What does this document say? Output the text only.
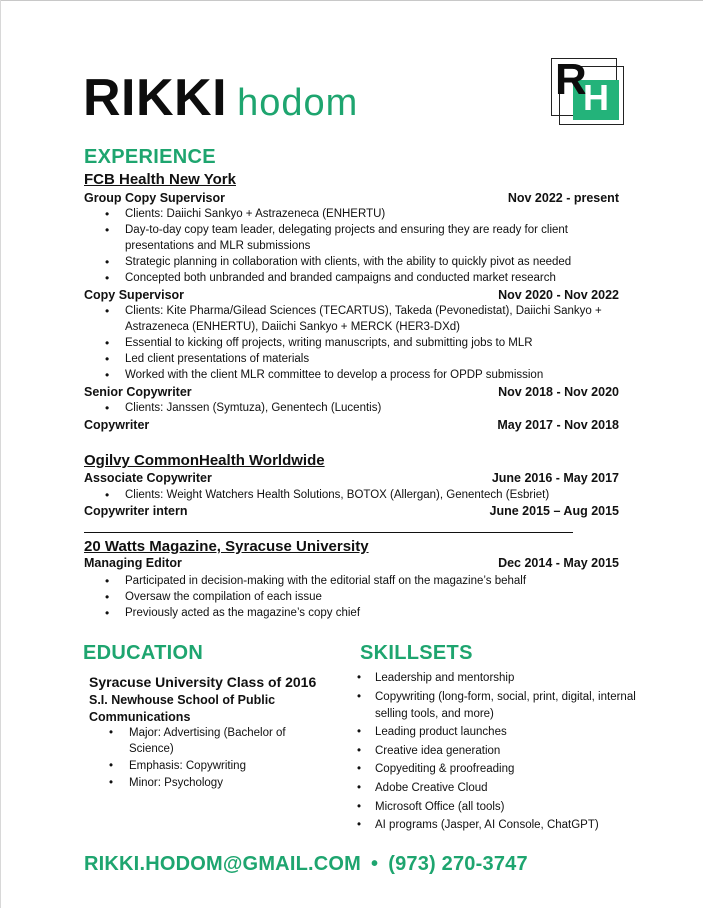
RIKKI hodom	R
H
EXPERIENCE
FCB Health New York
Group Copy Supervisor	Nov 2022 - present
• Clients: Daiichi Sankyo + Astrazeneca (ENHERTU)
• Day-to-day copy team leader, delegating projects and ensuring they are ready for client presentations and MLR submissions
• Strategic planning in collaboration with clients, with the ability to quickly pivot as needed
• Concepted both unbranded and branded campaigns and conducted market research
Copy Supervisor	Nov 2020 - Nov 2022
• Clients: Kite Pharma/Gilead Sciences (TECARTUS), Takeda (Pevonedistat), Daiichi Sankyo + Astrazeneca (ENHERTU), Daiichi Sankyo + MERCK (HER3-DXd)
• Essential to kicking off projects, writing manuscripts, and submitting jobs to MLR
• Led client presentations of materials
• Worked with the client MLR committee to develop a process for OPDP submission
Senior Copywriter	Nov 2018 - Nov 2020
• Clients: Janssen (Symtuza), Genentech (Lucentis)
Copywriter	May 2017 - Nov 2018
Ogilvy CommonHealth Worldwide
Associate Copywriter	June 2016 - May 2017
• Clients: Weight Watchers Health Solutions, BOTOX (Allergan), Genentech (Esbriet)
Copywriter intern	June 2015 – Aug 2015
20 Watts Magazine, Syracuse University
Managing Editor	Dec 2014 - May 2015
• Participated in decision-making with the editorial staff on the magazine’s behalf
• Oversaw the compilation of each issue
• Previously acted as the magazine’s copy chief
EDUCATION
Syracuse University Class of 2016
S.I. Newhouse School of Public Communications
• Major: Advertising (Bachelor of Science)
• Emphasis: Copywriting
• Minor: Psychology
SKILLSETS
• Leadership and mentorship
• Copywriting (long-form, social, print, digital, internal selling tools, and more)
• Leading product launches
• Creative idea generation
• Copyediting & proofreading
• Adobe Creative Cloud
• Microsoft Office (all tools)
• AI programs (Jasper, AI Console, ChatGPT)
RIKKI.HODOM@GMAIL.COM • (973) 270-3747
